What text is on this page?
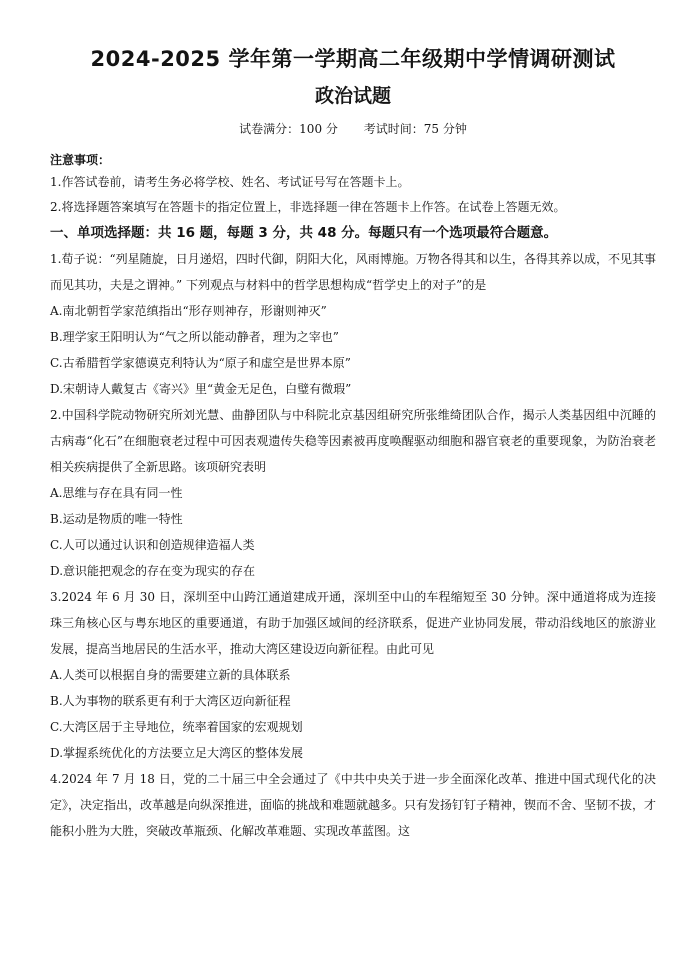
2024-2025 学年第一学期高二年级期中学情调研测试
政治试题
试卷满分：100 分 考试时间：75 分钟
注意事项：
1.作答试卷前，请考生务必将学校、姓名、考试证号写在答题卡上。
2.将选择题答案填写在答题卡的指定位置上，非选择题一律在答题卡上作答。在试卷上答题无效。
一、单项选择题：共 16 题，每题 3 分，共 48 分。每题只有一个选项最符合题意。
1.荀子说：“列星随旋，日月递炤，四时代御，阴阳大化，风雨博施。万物各得其和以生，各得其养以成，不见其事而见其功，夫是之谓神。” 下列观点与材料中的哲学思想构成“哲学史上的对子”的是
A.南北朝哲学家范缜指出“形存则神存，形谢则神灭”
B.理学家王阳明认为“气之所以能动静者，理为之宰也”
C.古希腊哲学家德谟克利特认为“原子和虚空是世界本原”
D.宋朝诗人戴复古《寄兴》里“黄金无足色，白璧有微瑕”
2.中国科学院动物研究所刘光慧、曲静团队与中科院北京基因组研究所张维绮团队合作，揭示人类基因组中沉睡的古病毒“化石”在细胞衰老过程中可因表观遗传失稳等因素被再度唤醒驱动细胞和器官衰老的重要现象，为防治衰老相关疾病提供了全新思路。该项研究表明
A.思维与存在具有同一性
B.运动是物质的唯一特性
C.人可以通过认识和创造规律造福人类
D.意识能把观念的存在变为现实的存在
3.2024 年 6 月 30 日，深圳至中山跨江通道建成开通，深圳至中山的车程缩短至 30 分钟。深中通道将成为连接珠三角核心区与粤东地区的重要通道，有助于加强区域间的经济联系，促进产业协同发展，带动沿线地区的旅游业发展，提高当地居民的生活水平，推动大湾区建设迈向新征程。由此可见
A.人类可以根据自身的需要建立新的具体联系
B.人为事物的联系更有利于大湾区迈向新征程
C.大湾区居于主导地位，统率着国家的宏观规划
D.掌握系统优化的方法要立足大湾区的整体发展
4.2024 年 7 月 18 日，党的二十届三中全会通过了《中共中央关于进一步全面深化改革、推进中国式现代化的决定》，决定指出，改革越是向纵深推进，面临的挑战和难题就越多。只有发扬钉钉子精神，锲而不舍、坚韧不拔，才能积小胜为大胜，突破改革瓶颈、化解改革难题、实现改革蓝图。这
